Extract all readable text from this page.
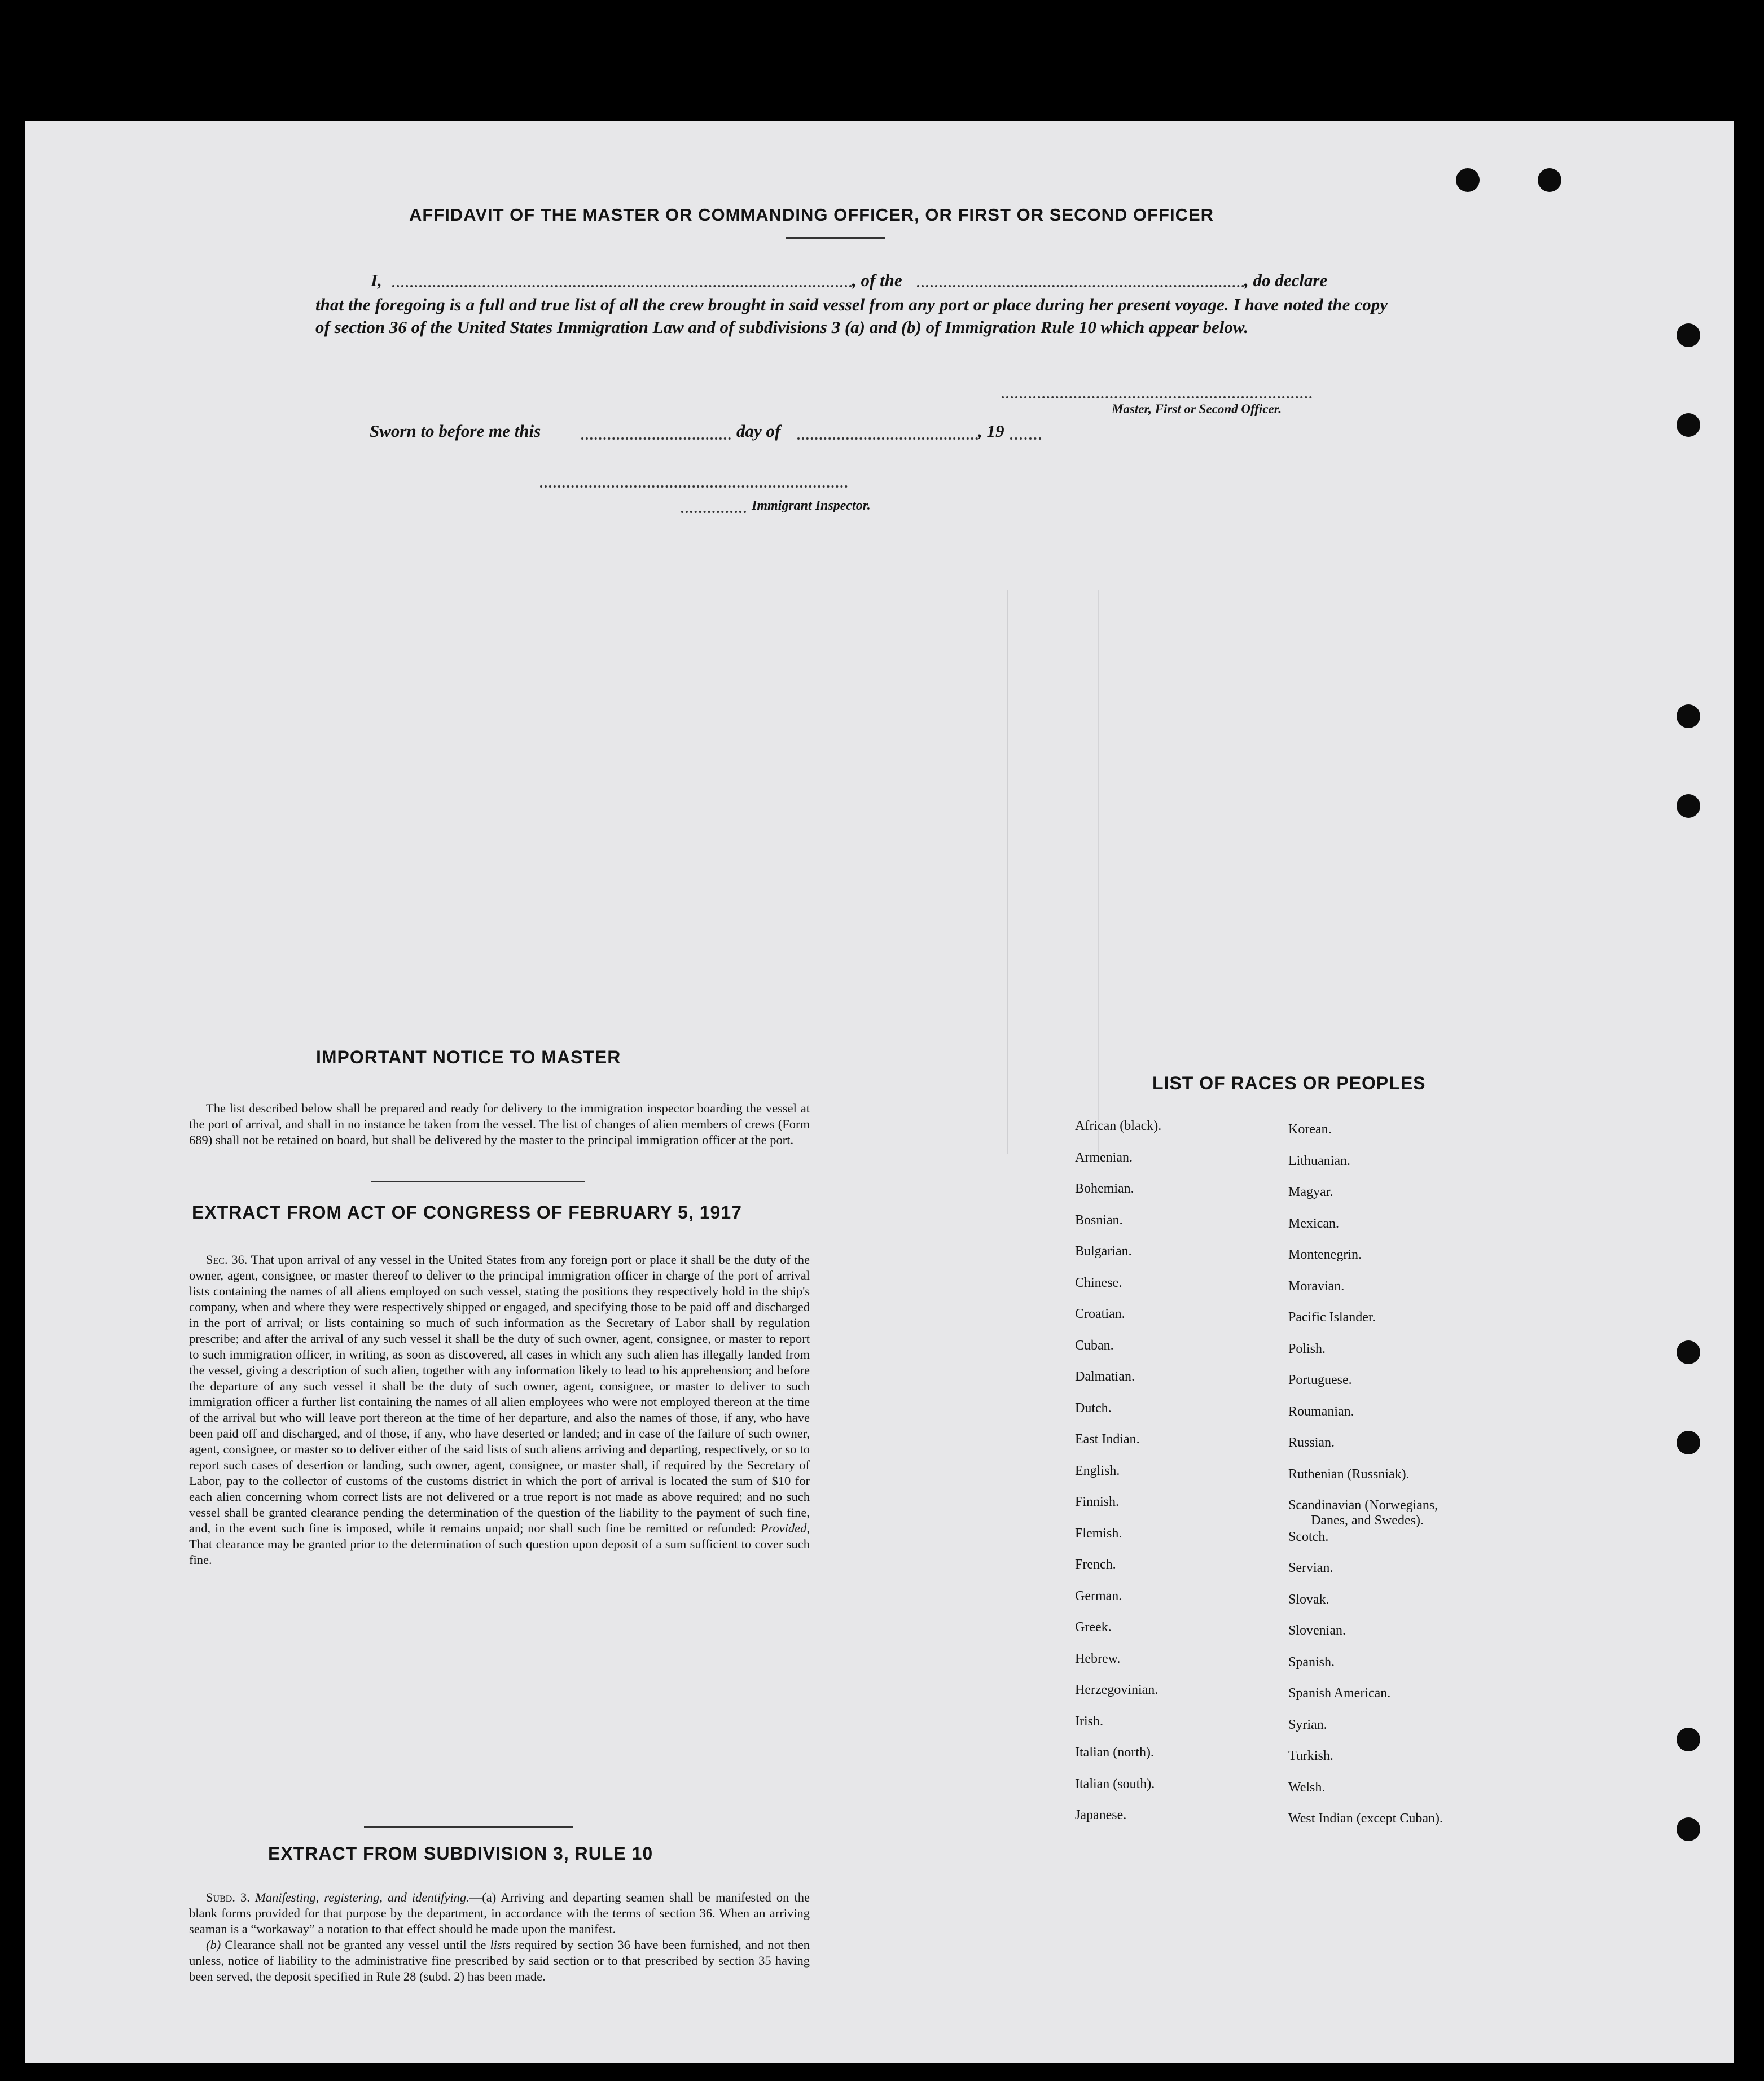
AFFIDAVIT OF THE MASTER OR COMMANDING OFFICER, OR FIRST OR SECOND OFFICER
I,	, of the	, do declare
that the foregoing is a full and true list of all the crew brought in said vessel from any port or place during her present voyage. I have noted the copy of section 36 of the United States Immigration Law and of subdivisions 3 (a) and (b) of Immigration Rule 10 which appear below.
Master, First or Second Officer.
Sworn to before me this	day of	, 19
Immigrant Inspector.
IMPORTANT NOTICE TO MASTER

The list described below shall be prepared and ready for delivery to the immigration inspector boarding the vessel at the port of arrival, and shall in no instance be taken from the vessel. The list of changes of alien members of crews (Form 689) shall not be retained on board, but shall be delivered by the master to the principal immigration officer at the port.

EXTRACT FROM ACT OF CONGRESS OF FEBRUARY 5, 1917

Sec. 36. That upon arrival of any vessel in the United States from any foreign port or place it shall be the duty of the owner, agent, consignee, or master thereof to deliver to the principal immigration officer in charge of the port of arrival lists containing the names of all aliens employed on such vessel, stating the positions they respectively hold in the ship's company, when and where they were respectively shipped or engaged, and specifying those to be paid off and discharged in the port of arrival; or lists containing so much of such information as the Secretary of Labor shall by regulation prescribe; and after the arrival of any such vessel it shall be the duty of such owner, agent, consignee, or master to report to such immigration officer, in writing, as soon as discovered, all cases in which any such alien has illegally landed from the vessel, giving a description of such alien, together with any information likely to lead to his apprehension; and before the departure of any such vessel it shall be the duty of such owner, agent, consignee, or master to deliver to such immigration officer a further list containing the names of all alien employees who were not employed thereon at the time of the arrival but who will leave port thereon at the time of her departure, and also the names of those, if any, who have been paid off and discharged, and of those, if any, who have deserted or landed; and in case of the failure of such owner, agent, consignee, or master so to deliver either of the said lists of such aliens arriving and departing, respectively, or so to report such cases of desertion or landing, such owner, agent, consignee, or master shall, if required by the Secretary of Labor, pay to the collector of customs of the customs district in which the port of arrival is located the sum of $10 for each alien concerning whom correct lists are not delivered or a true report is not made as above required; and no such vessel shall be granted clearance pending the determination of the question of the liability to the payment of such fine, and, in the event such fine is imposed, while it remains unpaid; nor shall such fine be remitted or refunded: Provided, That clearance may be granted prior to the determination of such question upon deposit of a sum sufficient to cover such fine.

EXTRACT FROM SUBDIVISION 3, RULE 10

Subd. 3. Manifesting, registering, and identifying.—(a) Arriving and departing seamen shall be manifested on the blank forms provided for that purpose by the department, in accordance with the terms of section 36. When an arriving seaman is a “workaway” a notation to that effect should be made upon the manifest.

(b) Clearance shall not be granted any vessel until the lists required by section 36 have been furnished, and not then unless, notice of liability to the administrative fine prescribed by said section or to that prescribed by section 35 having been served, the deposit specified in Rule 28 (subd. 2) has been made.

LIST OF RACES OR PEOPLES
African (black).
Armenian.
Bohemian.
Bosnian.
Bulgarian.
Chinese.
Croatian.
Cuban.
Dalmatian.
Dutch.
East Indian.
English.
Finnish.
Flemish.
French.
German.
Greek.
Hebrew.
Herzegovinian.
Irish.
Italian (north).
Italian (south).
Japanese.
Korean.
Lithuanian.
Magyar.
Mexican.
Montenegrin.
Moravian.
Pacific Islander.
Polish.
Portuguese.
Roumanian.
Russian.
Ruthenian (Russniak).
Scandinavian (Norwegians,
Danes, and Swedes).
Scotch.
Servian.
Slovak.
Slovenian.
Spanish.
Spanish American.
Syrian.
Turkish.
Welsh.
West Indian (except Cuban).
